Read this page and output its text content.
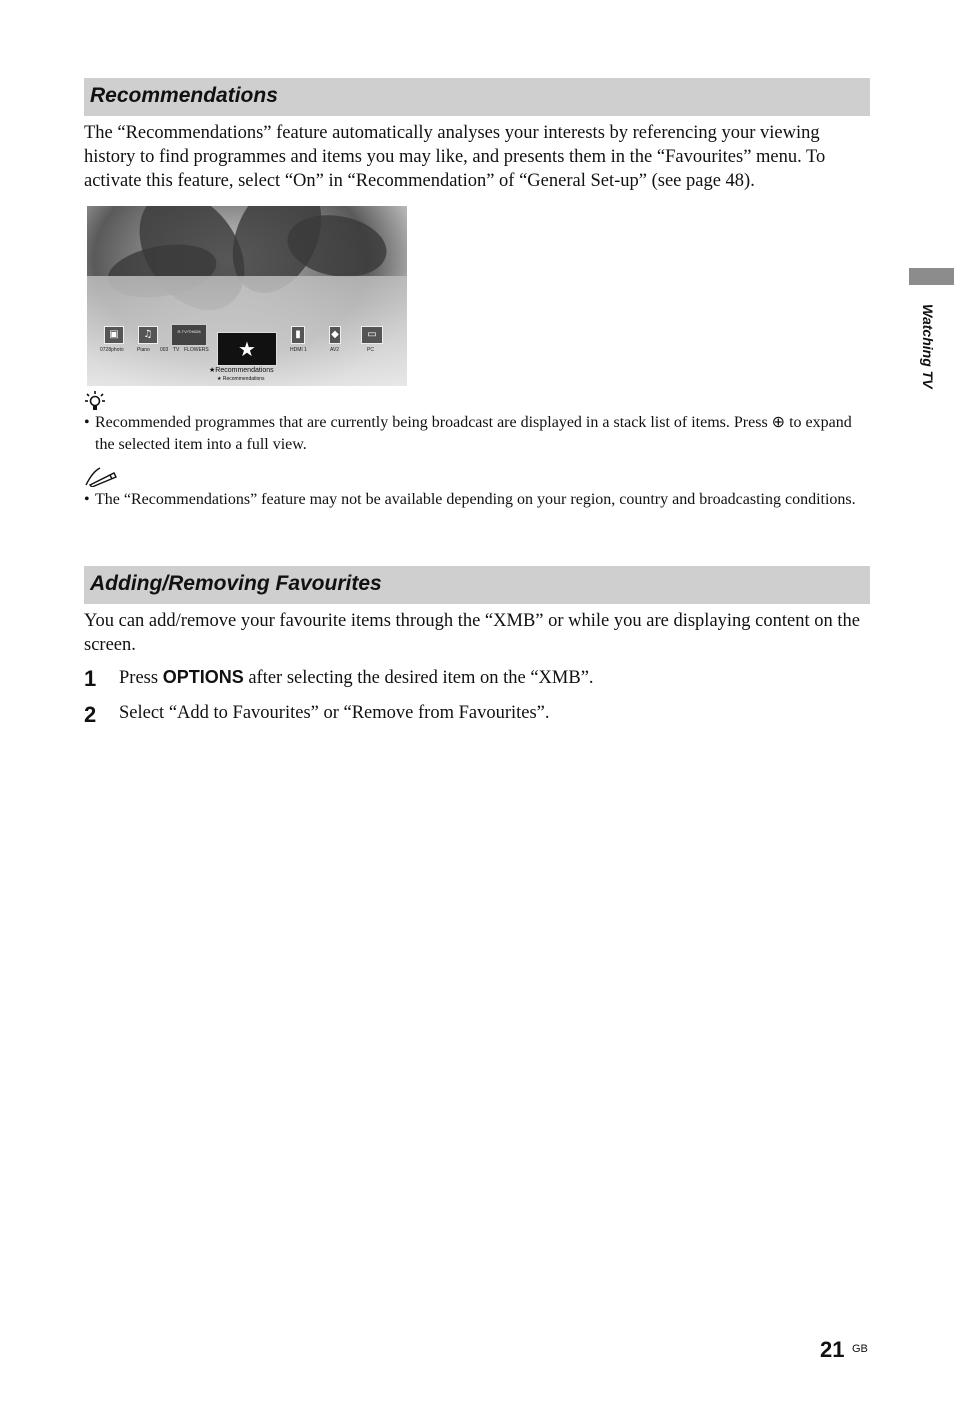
Recommendations
The “Recommendations” feature automatically analyses your interests by referencing your viewing history to find programmes and items you may like, and presents them in the “Favourites” menu. To activate this feature, select “On” in “Recommendation” of “General Set-up” (see page 48).
▣	♫	R-TV/TH6D8
★
▮	◆	▭
0728photo	Piano 003 TV FLOWERS	HDMI 1	AV2	PC
★Recommendations
★ Recommendations
• Recommended programmes that are currently being broadcast are displayed in a stack list of items. Press ⊕ to expand the selected item into a full view.
• The “Recommendations” feature may not be available depending on your region, country and broadcasting conditions.
Adding/Removing Favourites
You can add/remove your favourite items through the “XMB” or while you are displaying content on the screen.
1 Press OPTIONS after selecting the desired item on the “XMB”.
2 Select “Add to Favourites” or “Remove from Favourites”.
Watching TV
21 GB
